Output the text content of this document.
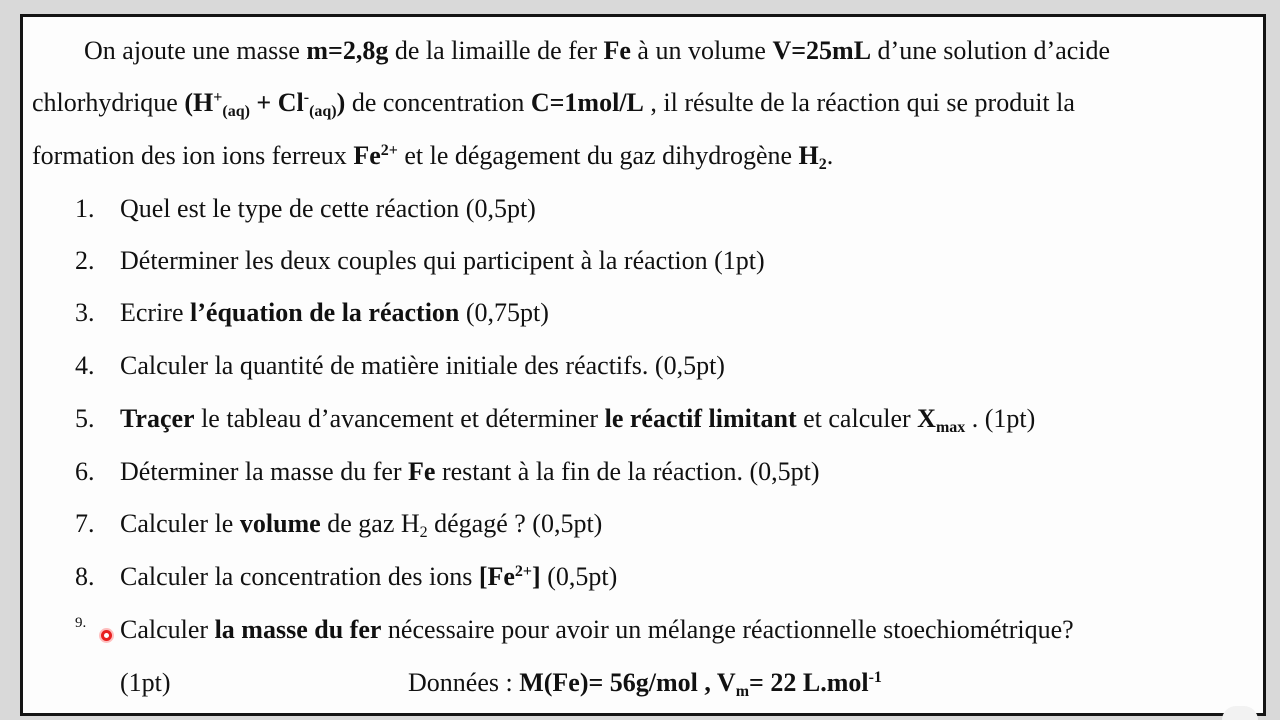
On ajoute une masse m=2,8g de la limaille de fer Fe à un volume V=25mL d’une solution d’acide
chlorhydrique $(H^+_{(aq)} + Cl^-_{(aq)})$ de concentration C=1mol/L , il résulte de la réaction qui se produit la
formation des ion ions ferreux $Fe^{2+}$ et le dégagement du gaz dihydrogène $H_2$.
1. Quel est le type de cette réaction (0,5pt)
2. Déterminer les deux couples qui participent à la réaction (1pt)
3. Ecrire l’équation de la réaction (0,75pt)
4. Calculer la quantité de matière initiale des réactifs. (0,5pt)
5. Traçer le tableau d’avancement et déterminer le réactif limitant et calculer $X_{max}$ . (1pt)
6. Déterminer la masse du fer Fe restant à la fin de la réaction. (0,5pt)
7. Calculer le volume de gaz $H_2$ dégagé ? (0,5pt)
8. Calculer la concentration des ions $[Fe^{2+}]$ (0,5pt)
9. Calculer la masse du fer nécessaire pour avoir un mélange réactionnelle stoechiométrique?
(1pt)	Données : M(Fe)= 56g/mol , $V_m= 22$ L.mol$^{-1}$
